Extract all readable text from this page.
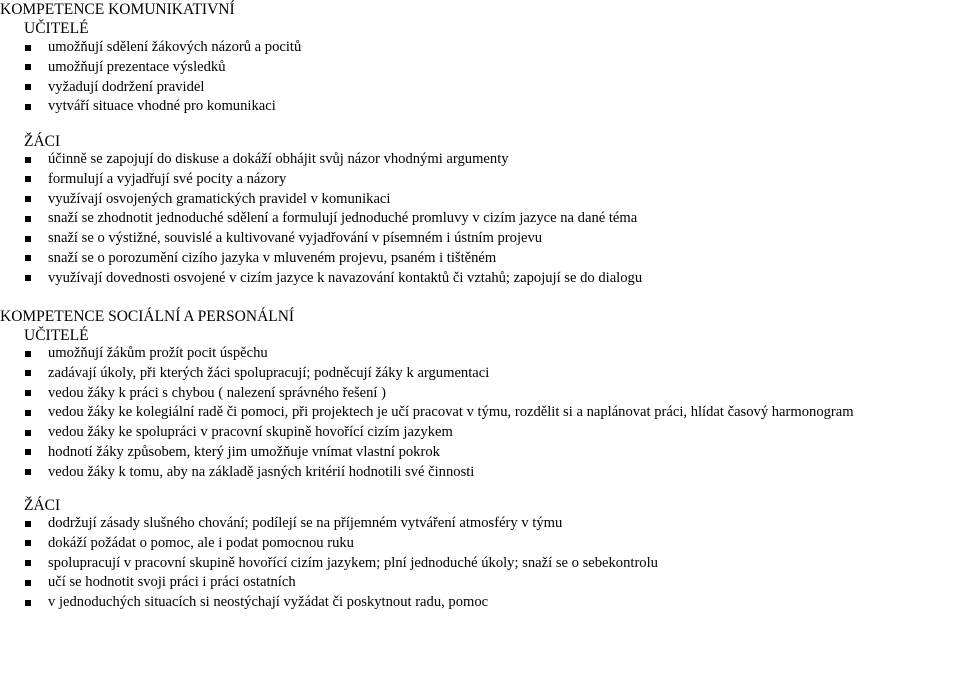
KOMPETENCE KOMUNIKATIVNÍ
UČITELÉ
umožňují sdělení žákových názorů a pocitů
umožňují prezentace výsledků
vyžadují dodržení pravidel
vytváří situace vhodné pro komunikaci
ŽÁCI
účinně se zapojují do diskuse a dokáží obhájit svůj názor vhodnými argumenty
formulují a vyjadřují své pocity a názory
využívají osvojených gramatických pravidel v komunikaci
snaží se zhodnotit jednoduché sdělení a formulují jednoduché promluvy v cizím jazyce na dané téma
snaží se o výstižné, souvislé a kultivované vyjadřování v písemném i ústním projevu
snaží se o porozumění cizího jazyka v mluveném projevu, psaném i tištěném
využívají dovednosti osvojené v cizím jazyce k navazování kontaktů či vztahů; zapojují se do dialogu
KOMPETENCE SOCIÁLNÍ A PERSONÁLNÍ
UČITELÉ
umožňují žákům prožít pocit úspěchu
zadávají úkoly, při kterých žáci spolupracují; podněcují žáky k argumentaci
vedou žáky k práci s chybou ( nalezení správného řešení )
vedou žáky ke kolegiální radě či pomoci, při projektech je učí pracovat v týmu, rozdělit si a naplánovat práci, hlídat časový harmonogram
vedou žáky ke spolupráci v pracovní skupině hovořící cizím jazykem
hodnotí žáky způsobem, který jim umožňuje vnímat vlastní pokrok
vedou žáky k tomu, aby na základě jasných kritérií hodnotili své činnosti
ŽÁCI
dodržují zásady slušného chování; podílejí se na příjemném vytváření atmosféry v týmu
dokáží požádat o pomoc, ale i podat pomocnou ruku
spolupracují v pracovní skupině hovořící cizím jazykem; plní jednoduché úkoly; snaží se o sebekontrolu
učí se hodnotit svoji práci i práci ostatních
v jednoduchých situacích si neostýchají vyžádat či poskytnout radu, pomoc
